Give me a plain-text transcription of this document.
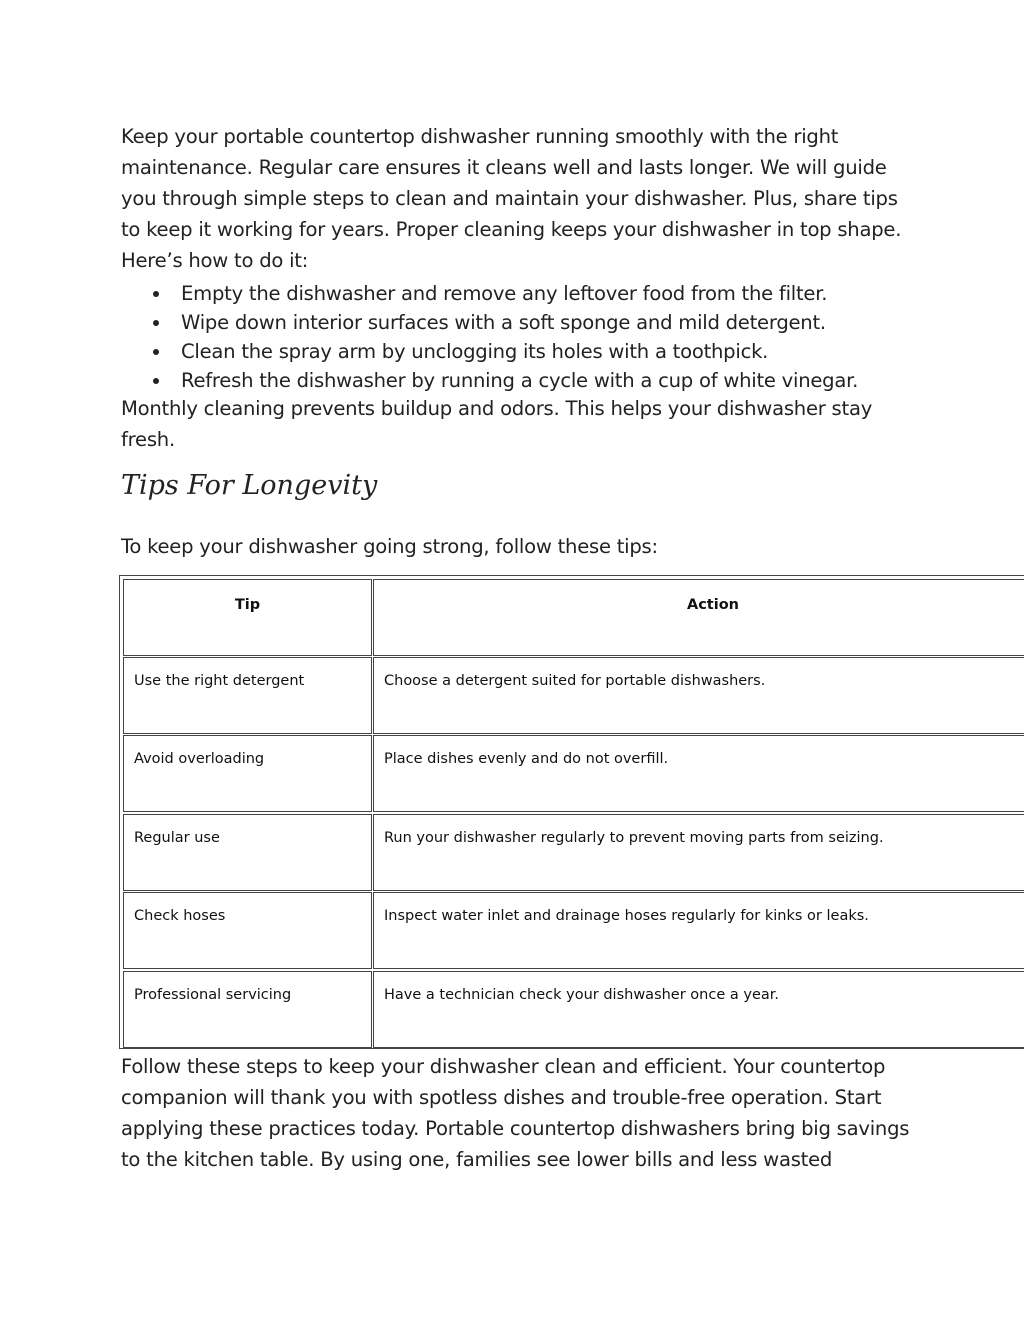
Keep your portable countertop dishwasher running smoothly with the right maintenance. Regular care ensures it cleans well and lasts longer. We will guide you through simple steps to clean and maintain your dishwasher. Plus, share tips to keep it working for years. Proper cleaning keeps your dishwasher in top shape. Here’s how to do it:

Empty the dishwasher and remove any leftover food from the filter.
Wipe down interior surfaces with a soft sponge and mild detergent.
Clean the spray arm by unclogging its holes with a toothpick.
Refresh the dishwasher by running a cycle with a cup of white vinegar.

Monthly cleaning prevents buildup and odors. This helps your dishwasher stay fresh.

Tips For Longevity

To keep your dishwasher going strong, follow these tips:

Tip	Action
Use the right detergent	Choose a detergent suited for portable dishwashers.
Avoid overloading	Place dishes evenly and do not overfill.
Regular use	Run your dishwasher regularly to prevent moving parts from seizing.
Check hoses	Inspect water inlet and drainage hoses regularly for kinks or leaks.
Professional servicing	Have a technician check your dishwasher once a year.

Follow these steps to keep your dishwasher clean and efficient. Your countertop companion will thank you with spotless dishes and trouble-free operation. Start applying these practices today. Portable countertop dishwashers bring big savings to the kitchen table. By using one, families see lower bills and less wasted
